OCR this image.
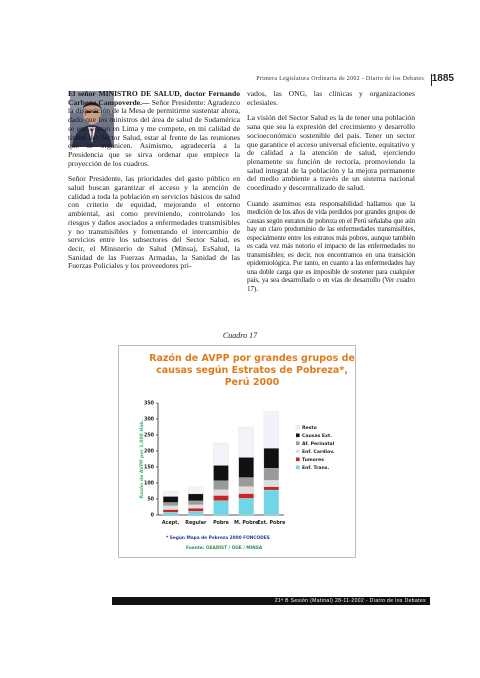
Primera Legislatura Ordinaria de 2002 - Diario de los Debates 1885

El señor MINISTRO DE SALUD, doctor Fernando Carbone Campoverde.— Señor Presidente: Agradezco la disposición de la Mesa de permitirme sustentar ahora, dado que los ministros del área de salud de Sudamérica se encuentran en Lima y me compete, en mi calidad de titular del Sector Salud, estar al frente de las reuniones que se organicen. Asimismo, agradecería a la Presidencia que se sirva ordenar que empiece la proyección de los cuadros.

Señor Presidente, las prioridades del gasto público en salud buscan garantizar el acceso y la atención de calidad a toda la población en servicios básicos de salud con criterio de equidad, mejorando el entorno ambiental, así como previniendo, controlando los riesgos y daños asociados a enfermedades transmisibles y no transmisibles y fomentando el intercambio de servicios entre los subsectores del Sector Salud, es decir, el Ministerio de Salud (Minsa), EsSalud, la Sanidad de las Fuerzas Armadas, la Sanidad de las Fuerzas Policiales y los proveedores pri-

vados, las ONG, las clínicas y organizaciones eclesiales.

La visión del Sector Salud es la de tener una población sana que sea la expresión del crecimiento y desarrollo socioeconómico sostenible del país. Tener un sector que garantice el acceso universal eficiente, equitativo y de calidad a la atención de salud, ejerciendo plenamente su función de rectoría, promoviendo la salud integral de la población y la mejora permanente del medio ambiente a través de un sistema nacional coordinado y descentralizado de salud.

Cuando asumimos esta responsabilidad hallamos que la medición de los años de vida perdidos por grandes grupos de causas según estratos de pobreza en el Perú señalaba que aún hay un claro predominio de las enfermedades transmisibles, especialmente entre los estratos más pobres, aunque también es cada vez más notorio el impacto de las enfermedades no transmisibles; es decir, nos encontramos en una transición epidemiológica. Por tanto, en cuanto a las enfermedades hay una doble carga que es imposible de sostener para cualquier país, ya sea desarrollado o en vías de desarrollo (Ver cuadro 17).

Cuadro 17
Razón de AVPP por grandes grupos de
causas según Estratos de Pobreza*,
Perú 2000
0
50
100
150
200
250
300
350
Razón de AVPP por 1,000 Hab.
Acept. Regular Pobre M. Pobre Ext. Pobre
Resto
Causas Ext.
Af. Perinatal
Enf. Cardiov.
Tumores
Enf. Trans.
* Según Mapa de Pobreza 2000 FONCODES
Fuente: OEADIST / OGE / MINSA
21ª B Sesión (Matinal) 28-11-2002 - Diario de los Debates
